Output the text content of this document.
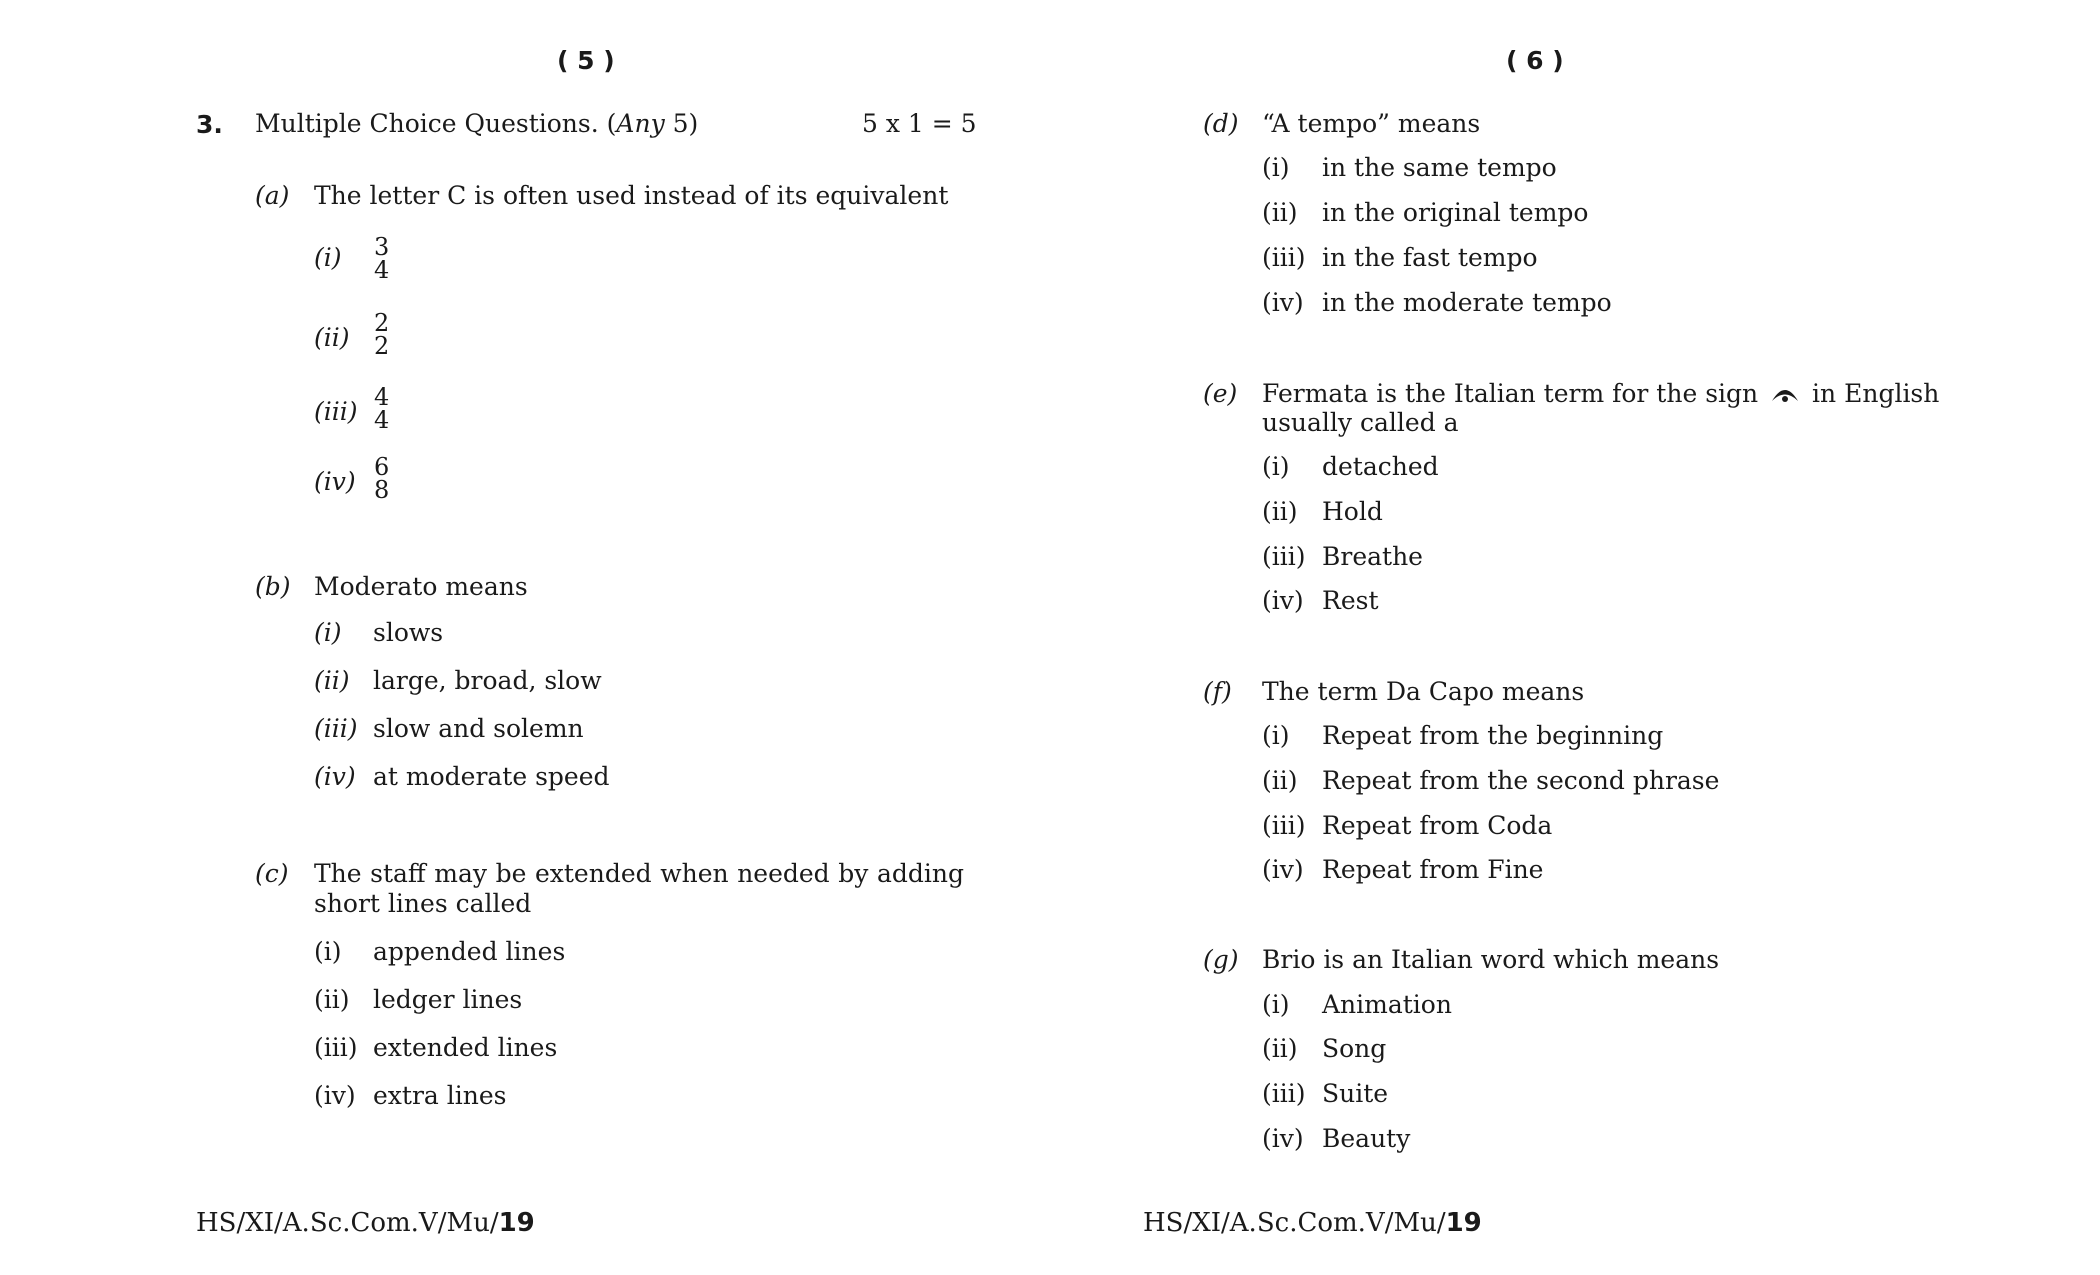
( 5 )
3. Multiple Choice Questions. (Any 5)	5 x 1 = 5
(a) The letter C is often used instead of its equivalent
(i) 3
4
(ii) 2
2
(iii) 4
4
(iv) 6
8
(b) Moderato means
(i) slows
(ii) large, broad, slow
(iii) slow and solemn
(iv) at moderate speed
(c) The staff may be extended when needed by adding
short lines called
(i) appended lines
(ii) ledger lines
(iii) extended lines
(iv) extra lines
HS/XI/A.Sc.Com.V/Mu/19
( 6 )
(d) “A tempo” means
(i) in the same tempo
(ii) in the original tempo
(iii) in the fast tempo
(iv) in the moderate tempo
(e) Fermata is the Italian term for the sign in English
usually called a
(i) detached
(ii) Hold
(iii) Breathe
(iv) Rest
(f) The term Da Capo means
(i) Repeat from the beginning
(ii) Repeat from the second phrase
(iii) Repeat from Coda
(iv) Repeat from Fine
(g) Brio is an Italian word which means
(i) Animation
(ii) Song
(iii) Suite
(iv) Beauty
HS/XI/A.Sc.Com.V/Mu/19
